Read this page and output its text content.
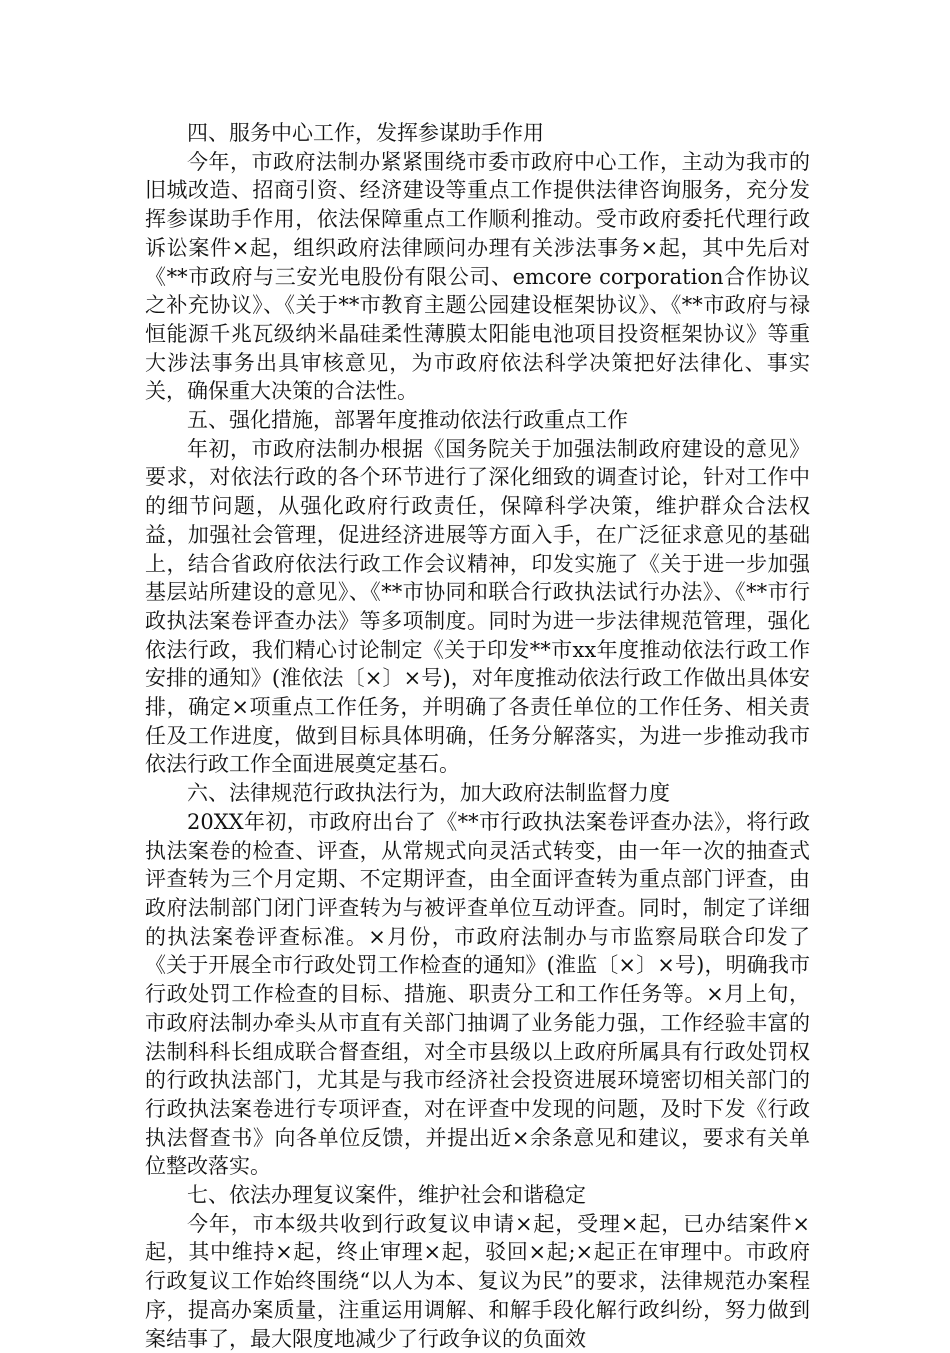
四、服务中心工作，发挥参谋助手作用

今年，市政府法制办紧紧围绕市委市政府中心工作，主动为我市的旧城改造、招商引资、经济建设等重点工作提供法律咨询服务，充分发挥参谋助手作用，依法保障重点工作顺利推动。受市政府委托代理行政诉讼案件×起，组织政府法律顾问办理有关涉法事务×起，其中先后对《**市政府与三安光电股份有限公司、emcore corporation合作协议之补充协议》、《关于**市教育主题公园建设框架协议》、《**市政府与禄恒能源千兆瓦级纳米晶硅柔性薄膜太阳能电池项目投资框架协议》等重大涉法事务出具审核意见，为市政府依法科学决策把好法律化、事实关，确保重大决策的合法性。

五、强化措施，部署年度推动依法行政重点工作

年初，市政府法制办根据《国务院关于加强法制政府建设的意见》要求，对依法行政的各个环节进行了深化细致的调查讨论，针对工作中的细节问题，从强化政府行政责任，保障科学决策，维护群众合法权益，加强社会管理，促进经济进展等方面入手，在广泛征求意见的基础上，结合省政府依法行政工作会议精神，印发实施了《关于进一步加强基层站所建设的意见》、《**市协同和联合行政执法试行办法》、《**市行政执法案卷评查办法》等多项制度。同时为进一步法律规范管理，强化依法行政，我们精心讨论制定《关于印发**市xx年度推动依法行政工作安排的通知》(淮依法〔×〕×号)，对年度推动依法行政工作做出具体安排，确定×项重点工作任务，并明确了各责任单位的工作任务、相关责任及工作进度，做到目标具体明确，任务分解落实，为进一步推动我市依法行政工作全面进展奠定基石。

六、法律规范行政执法行为，加大政府法制监督力度

20XX年初，市政府出台了《**市行政执法案卷评查办法》，将行政执法案卷的检查、评查，从常规式向灵活式转变，由一年一次的抽查式评查转为三个月定期、不定期评查，由全面评查转为重点部门评查，由政府法制部门闭门评查转为与被评查单位互动评查。同时，制定了详细的执法案卷评查标准。×月份，市政府法制办与市监察局联合印发了《关于开展全市行政处罚工作检查的通知》(淮监〔×〕×号)，明确我市行政处罚工作检查的目标、措施、职责分工和工作任务等。×月上旬，市政府法制办牵头从市直有关部门抽调了业务能力强，工作经验丰富的法制科科长组成联合督查组，对全市县级以上政府所属具有行政处罚权的行政执法部门，尤其是与我市经济社会投资进展环境密切相关部门的行政执法案卷进行专项评查，对在评查中发现的问题，及时下发《行政执法督查书》向各单位反馈，并提出近×余条意见和建议，要求有关单位整改落实。

七、依法办理复议案件，维护社会和谐稳定

今年，市本级共收到行政复议申请×起，受理×起，已办结案件×起，其中维持×起，终止审理×起，驳回×起;×起正在审理中。市政府行政复议工作始终围绕“以人为本、复议为民”的要求，法律规范办案程序，提高办案质量，注重运用调解、和解手段化解行政纠纷，努力做到案结事了，最大限度地减少了行政争议的负面效
